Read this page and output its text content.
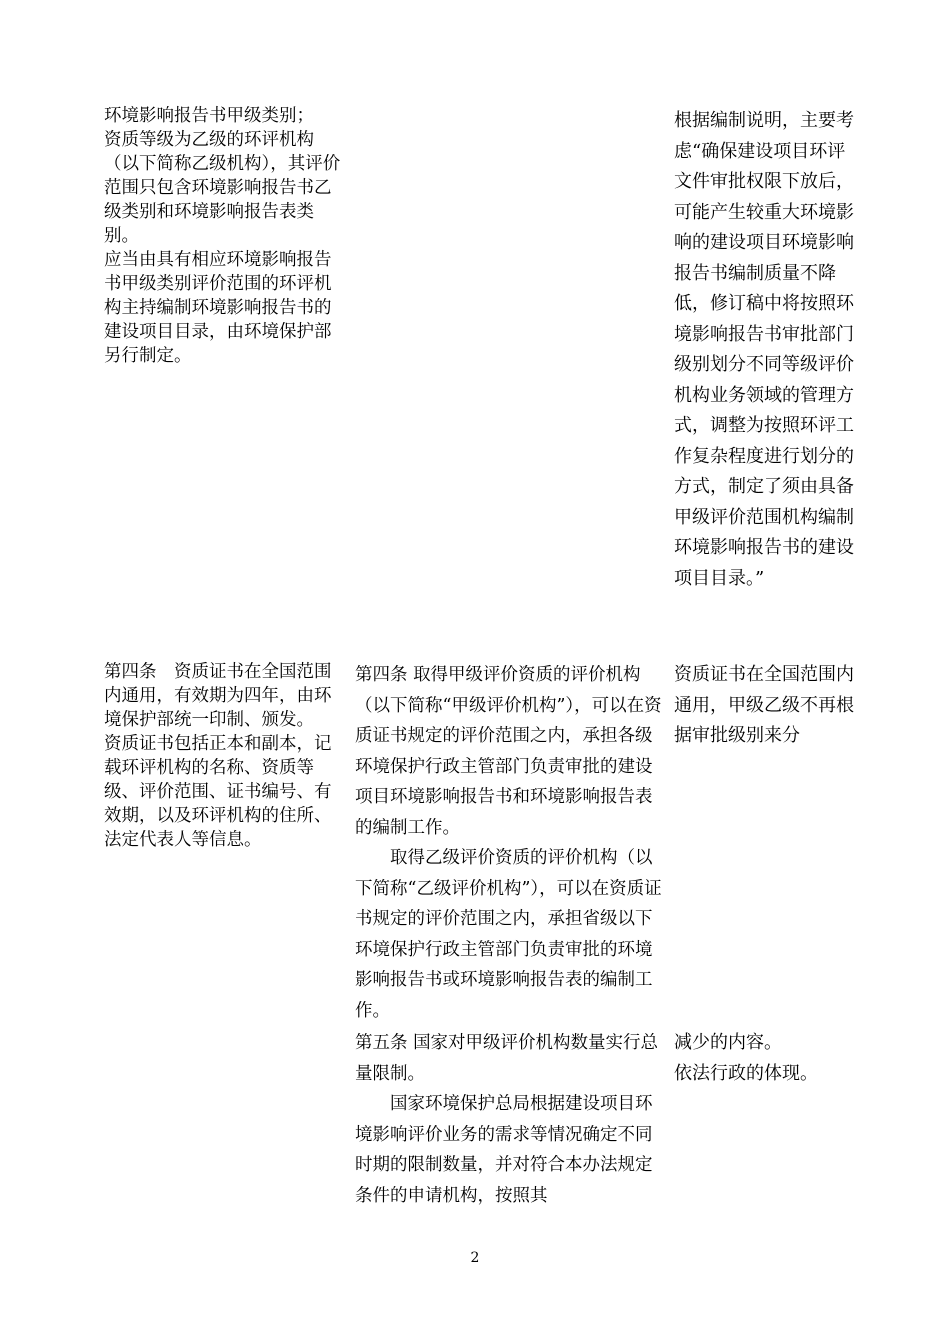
环境影响报告书甲级类别；

资质等级为乙级的环评机构（以下简称乙级机构），其评价范围只包含环境影响报告书乙级类别和环境影响报告表类别。

应当由具有相应环境影响报告书甲级类别评价范围的环评机构主持编制环境影响报告书的建设项目目录，由环境保护部另行制定。

根据编制说明，主要考虑“确保建设项目环评文件审批权限下放后，可能产生较重大环境影响的建设项目环境影响报告书编制质量不降低，修订稿中将按照环境影响报告书审批部门级别划分不同等级评价机构业务领域的管理方式，调整为按照环评工作复杂程度进行划分的方式，制定了须由具备甲级评价范围机构编制环境影响报告书的建设项目目录。”

第四条　资质证书在全国范围内通用，有效期为四年，由环境保护部统一印制、颁发。

资质证书包括正本和副本，记载环评机构的名称、资质等级、评价范围、证书编号、有效期，以及环评机构的住所、法定代表人等信息。

第四条 取得甲级评价资质的评价机构（以下简称“甲级评价机构”），可以在资质证书规定的评价范围之内，承担各级环境保护行政主管部门负责审批的建设项目环境影响报告书和环境影响报告表的编制工作。

取得乙级评价资质的评价机构（以下简称“乙级评价机构”），可以在资质证书规定的评价范围之内，承担省级以下环境保护行政主管部门负责审批的环境影响报告书或环境影响报告表的编制工作。

资质证书在全国范围内通用，甲级乙级不再根据审批级别来分

第五条 国家对甲级评价机构数量实行总量限制。

国家环境保护总局根据建设项目环境影响评价业务的需求等情况确定不同时期的限制数量，并对符合本办法规定条件的申请机构，按照其

减少的内容。

依法行政的体现。

2
